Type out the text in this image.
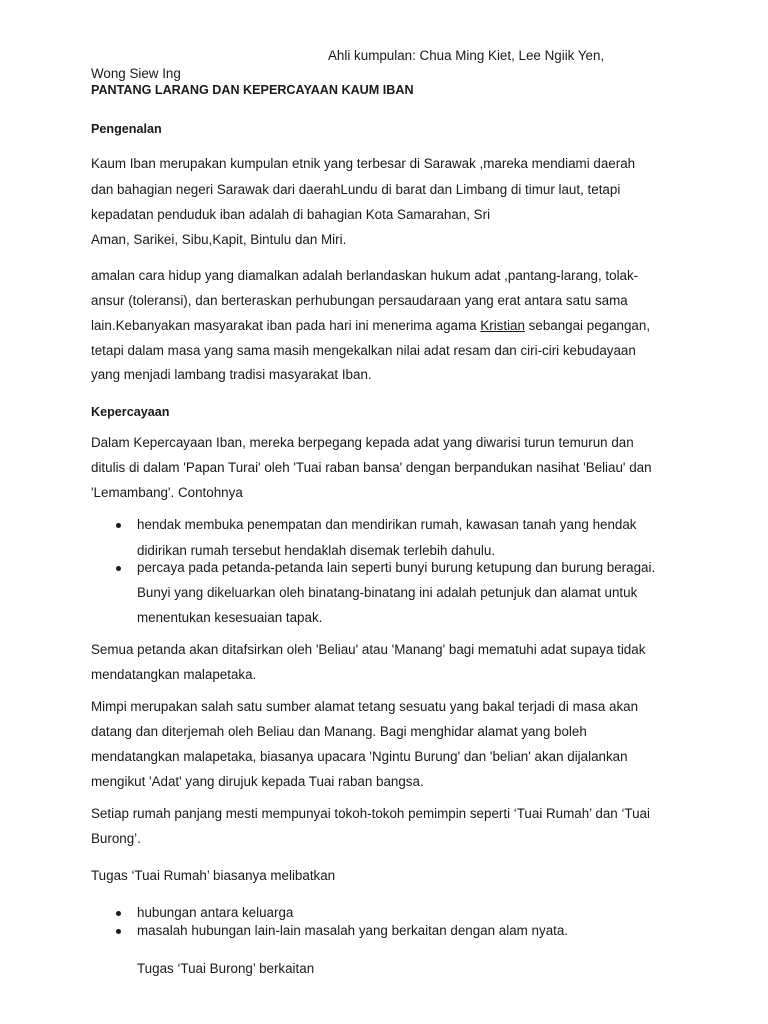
Ahli kumpulan: Chua Ming Kiet, Lee Ngiik Yen,
Wong Siew Ing
PANTANG LARANG DAN KEPERCAYAAN KAUM IBAN
Pengenalan
Kaum Iban merupakan kumpulan etnik yang terbesar di Sarawak ,mareka mendiami daerah
dan bahagian negeri Sarawak dari daerahLundu di barat dan Limbang di timur laut, tetapi
kepadatan penduduk iban adalah di bahagian Kota Samarahan, Sri
Aman, Sarikei, Sibu,Kapit, Bintulu dan Miri.
amalan cara hidup yang diamalkan adalah berlandaskan hukum adat ,pantang-larang, tolak-
ansur (toleransi), dan berteraskan perhubungan persaudaraan yang erat antara satu sama
lain.Kebanyakan masyarakat iban pada hari ini menerima agama Kristian sebangai pegangan,
tetapi dalam masa yang sama masih mengekalkan nilai adat resam dan ciri-ciri kebudayaan
yang menjadi lambang tradisi masyarakat Iban.
Kepercayaan
Dalam Kepercayaan Iban, mereka berpegang kepada adat yang diwarisi turun temurun dan
ditulis di dalam 'Papan Turai' oleh 'Tuai raban bansa' dengan berpandukan nasihat 'Beliau' dan
'Lemambang'. Contohnya
hendak membuka penempatan dan mendirikan rumah, kawasan tanah yang hendak
didirikan rumah tersebut hendaklah disemak terlebih dahulu.
percaya pada petanda-petanda lain seperti bunyi burung ketupung dan burung beragai.
Bunyi yang dikeluarkan oleh binatang-binatang ini adalah petunjuk dan alamat untuk
menentukan kesesuaian tapak.
Semua petanda akan ditafsirkan oleh 'Beliau' atau 'Manang' bagi mematuhi adat supaya tidak
mendatangkan malapetaka.
Mimpi merupakan salah satu sumber alamat tetang sesuatu yang bakal terjadi di masa akan
datang dan diterjemah oleh Beliau dan Manang. Bagi menghidar alamat yang boleh
mendatangkan malapetaka, biasanya upacara 'Ngintu Burung' dan 'belian' akan dijalankan
mengikut 'Adat' yang dirujuk kepada Tuai raban bangsa.
Setiap rumah panjang mesti mempunyai tokoh-tokoh pemimpin seperti ‘Tuai Rumah’ dan ‘Tuai
Burong’.
Tugas ‘Tuai Rumah’ biasanya melibatkan
hubungan antara keluarga
masalah hubungan lain-lain masalah yang berkaitan dengan alam nyata.
Tugas ‘Tuai Burong’ berkaitan
